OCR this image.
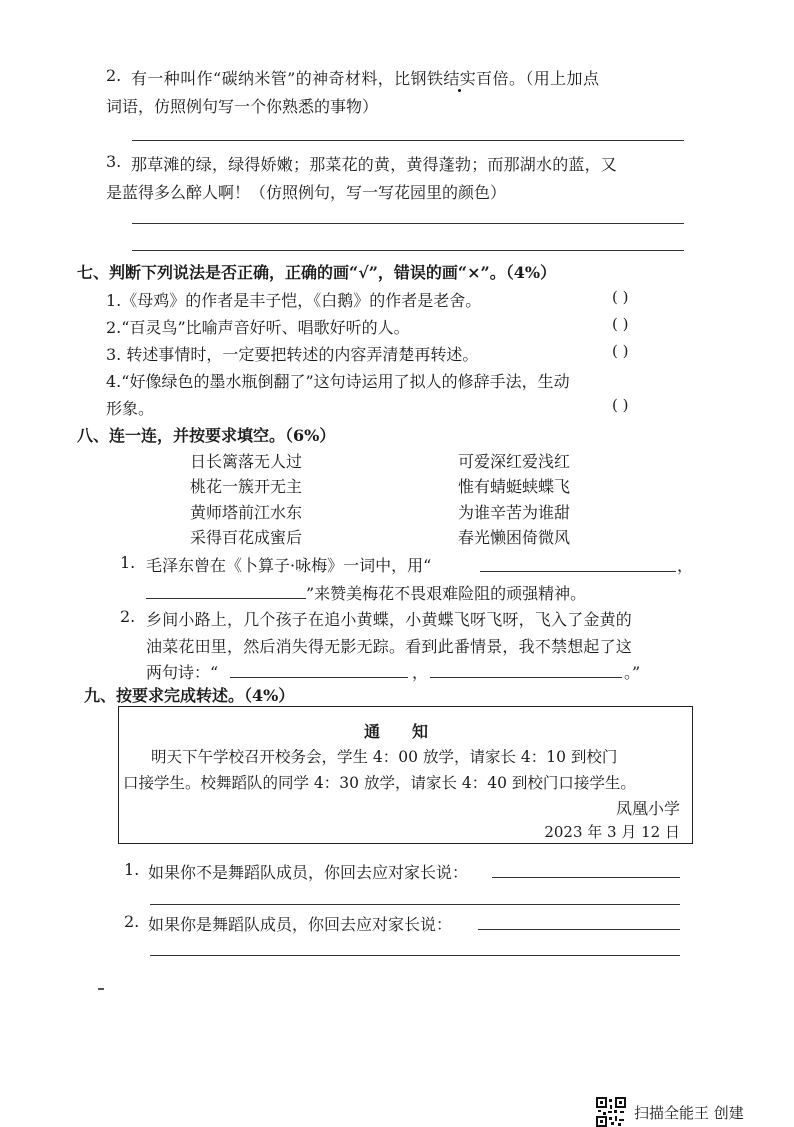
2. 有一种叫作“碳纳米管”的神奇材料，比钢铁结实百倍。（用上加点
词语，仿照例句写一个你熟悉的事物）
3. 那草滩的绿，绿得娇嫩；那菜花的黄，黄得蓬勃；而那湖水的蓝，又
是蓝得多么醉人啊！（仿照例句，写一写花园里的颜色）
七、判断下列说法是否正确，正确的画“√”，错误的画“×”。（4%）
1.《母鸡》的作者是丰子恺，《白鹅》的作者是老舍。	( )
2.“百灵鸟”比喻声音好听、唱歌好听的人。	( )
3. 转述事情时，一定要把转述的内容弄清楚再转述。	( )
4.“好像绿色的墨水瓶倒翻了”这句诗运用了拟人的修辞手法，生动
形象。	( )
八、连一连，并按要求填空。（6%）
日长篱落无人过	可爱深红爱浅红
桃花一簇开无主	惟有蜻蜓蛱蝶飞
黄师塔前江水东	为谁辛苦为谁甜
采得百花成蜜后	春光懒困倚微风
1. 毛泽东曾在《卜算子·咏梅》一词中，用“	，
”来赞美梅花不畏艰难险阻的顽强精神。
2. 乡间小路上，几个孩子在追小黄蝶，小黄蝶飞呀飞呀，飞入了金黄的
油菜花田里，然后消失得无影无踪。看到此番情景，我不禁想起了这
两句诗：“	，	。”
九、按要求完成转述。（4%）
通　　知
明天下午学校召开校务会，学生 4：00 放学，请家长 4：10 到校门
口接学生。校舞蹈队的同学 4：30 放学，请家长 4：40 到校门口接学生。
凤凰小学
2023 年 3 月 12 日
1. 如果你不是舞蹈队成员，你回去应对家长说：
2. 如果你是舞蹈队成员，你回去应对家长说：
扫描全能王 创建
